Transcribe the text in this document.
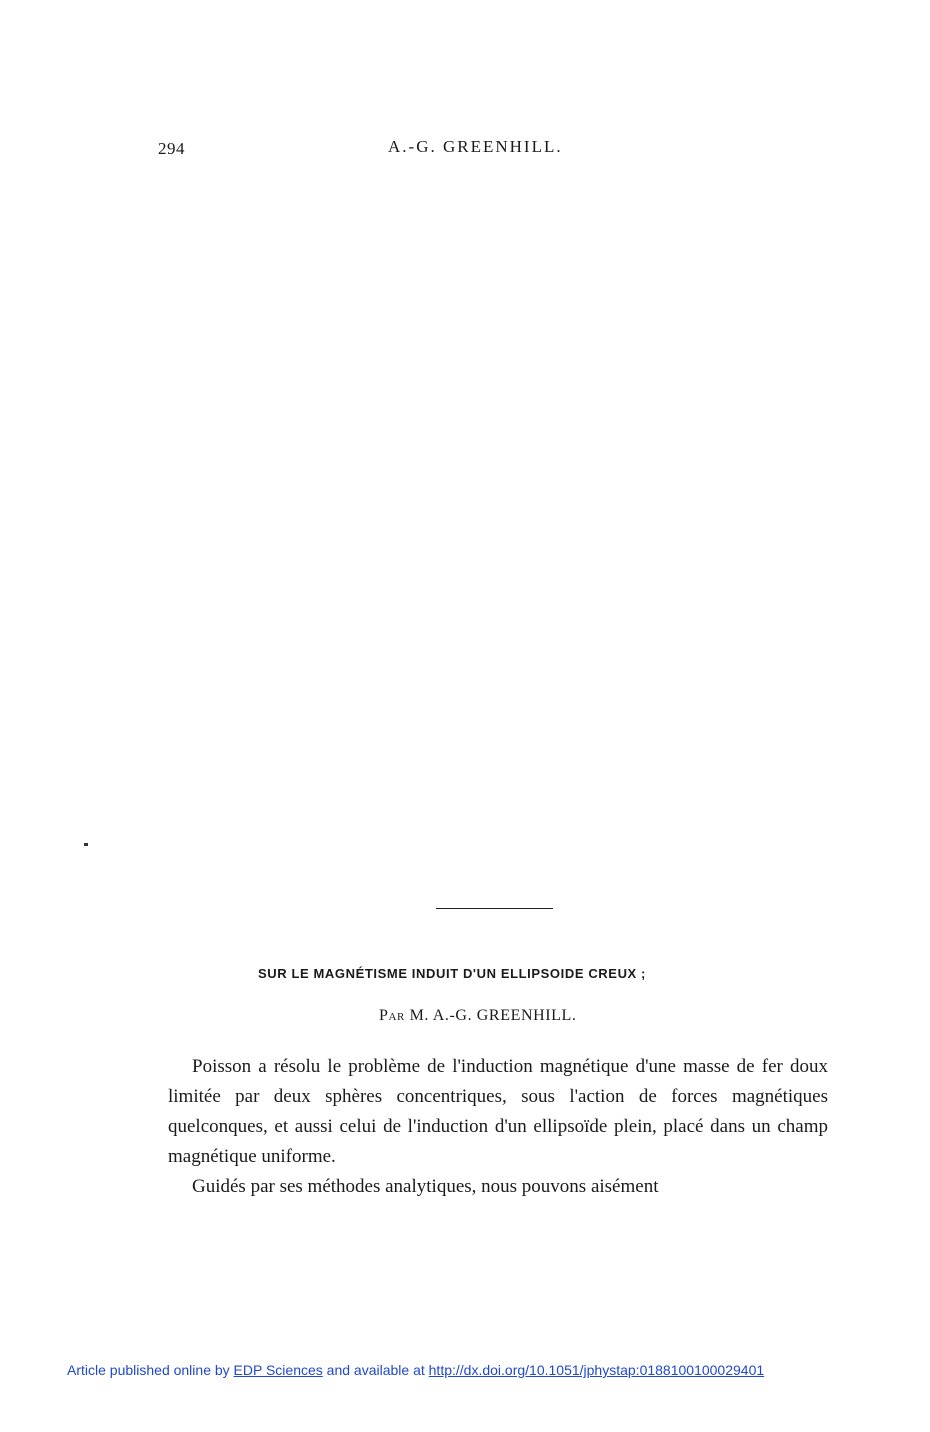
294	A.-G. GREENHILL.
SUR LE MAGNÉTISME INDUIT D'UN ELLIPSOIDE CREUX ;
Par M. A.-G. GREENHILL.

Poisson a résolu le problème de l'induction magnétique d'une masse de fer doux limitée par deux sphères concentriques, sous l'action de forces magnétiques quelconques, et aussi celui de l'induction d'un ellipsoïde plein, placé dans un champ magnétique uniforme.

Guidés par ses méthodes analytiques, nous pouvons aisément

Article published online by EDP Sciences and available at http://dx.doi.org/10.1051/jphystap:0188100100029401
